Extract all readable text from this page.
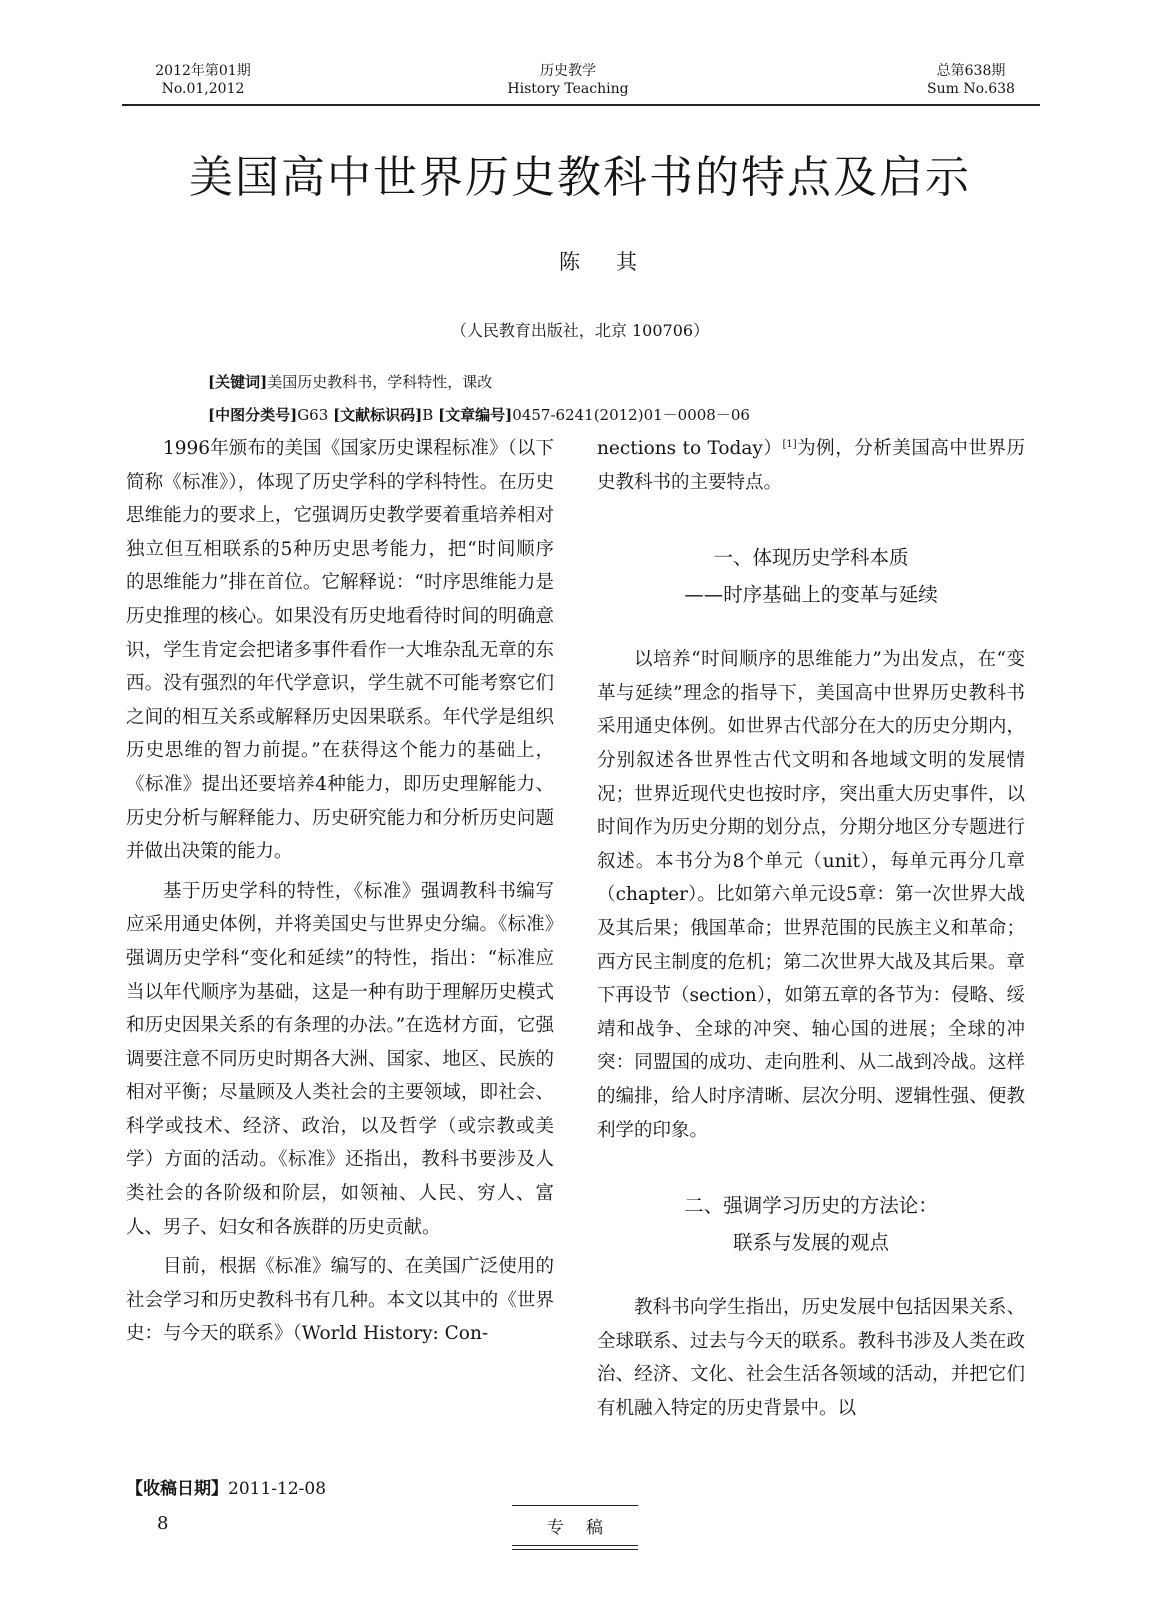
2012年第01期
No.01,2012
历史教学
History Teaching
总第638期
Sum No.638
美国高中世界历史教科书的特点及启示
陈其
（人民教育出版社，北京 100706）
[关键词]美国历史教科书，学科特性，课改
[中图分类号]G63 [文献标识码]B [文章编号]0457-6241(2012)01－0008－06

1996年颁布的美国《国家历史课程标准》（以下简称《标准》），体现了历史学科的学科特性。在历史思维能力的要求上，它强调历史教学要着重培养相对独立但互相联系的5种历史思考能力，把“时间顺序的思维能力”排在首位。它解释说：“时序思维能力是历史推理的核心。如果没有历史地看待时间的明确意识，学生肯定会把诸多事件看作一大堆杂乱无章的东西。没有强烈的年代学意识，学生就不可能考察它们之间的相互关系或解释历史因果联系。年代学是组织历史思维的智力前提。”在获得这个能力的基础上，《标准》提出还要培养4种能力，即历史理解能力、历史分析与解释能力、历史研究能力和分析历史问题并做出决策的能力。

基于历史学科的特性，《标准》强调教科书编写应采用通史体例，并将美国史与世界史分编。《标准》强调历史学科“变化和延续”的特性，指出：“标准应当以年代顺序为基础，这是一种有助于理解历史模式和历史因果关系的有条理的办法。”在选材方面，它强调要注意不同历史时期各大洲、国家、地区、民族的相对平衡；尽量顾及人类社会的主要领域，即社会、科学或技术、经济、政治，以及哲学（或宗教或美学）方面的活动。《标准》还指出，教科书要涉及人类社会的各阶级和阶层，如领袖、人民、穷人、富人、男子、妇女和各族群的历史贡献。

目前，根据《标准》编写的、在美国广泛使用的社会学习和历史教科书有几种。本文以其中的《世界史：与今天的联系》（World History: Con-

【收稿日期】2011-12-08

nections to Today）[1]为例，分析美国高中世界历史教科书的主要特点。

一、体现历史学科本质
——时序基础上的变革与延续

以培养“时间顺序的思维能力”为出发点，在“变革与延续”理念的指导下，美国高中世界历史教科书采用通史体例。如世界古代部分在大的历史分期内，分别叙述各世界性古代文明和各地域文明的发展情况；世界近现代史也按时序，突出重大历史事件，以时间作为历史分期的划分点，分期分地区分专题进行叙述。本书分为8个单元（unit），每单元再分几章（chapter）。比如第六单元设5章：第一次世界大战及其后果；俄国革命；世界范围的民族主义和革命；西方民主制度的危机；第二次世界大战及其后果。章下再设节（section），如第五章的各节为：侵略、绥靖和战争、全球的冲突、轴心国的进展；全球的冲突：同盟国的成功、走向胜利、从二战到冷战。这样的编排，给人时序清晰、层次分明、逻辑性强、便教利学的印象。

二、强调学习历史的方法论：
联系与发展的观点

教科书向学生指出，历史发展中包括因果关系、全球联系、过去与今天的联系。教科书涉及人类在政治、经济、文化、社会生活各领域的活动，并把它们有机融入特定的历史背景中。以

8	专稿
